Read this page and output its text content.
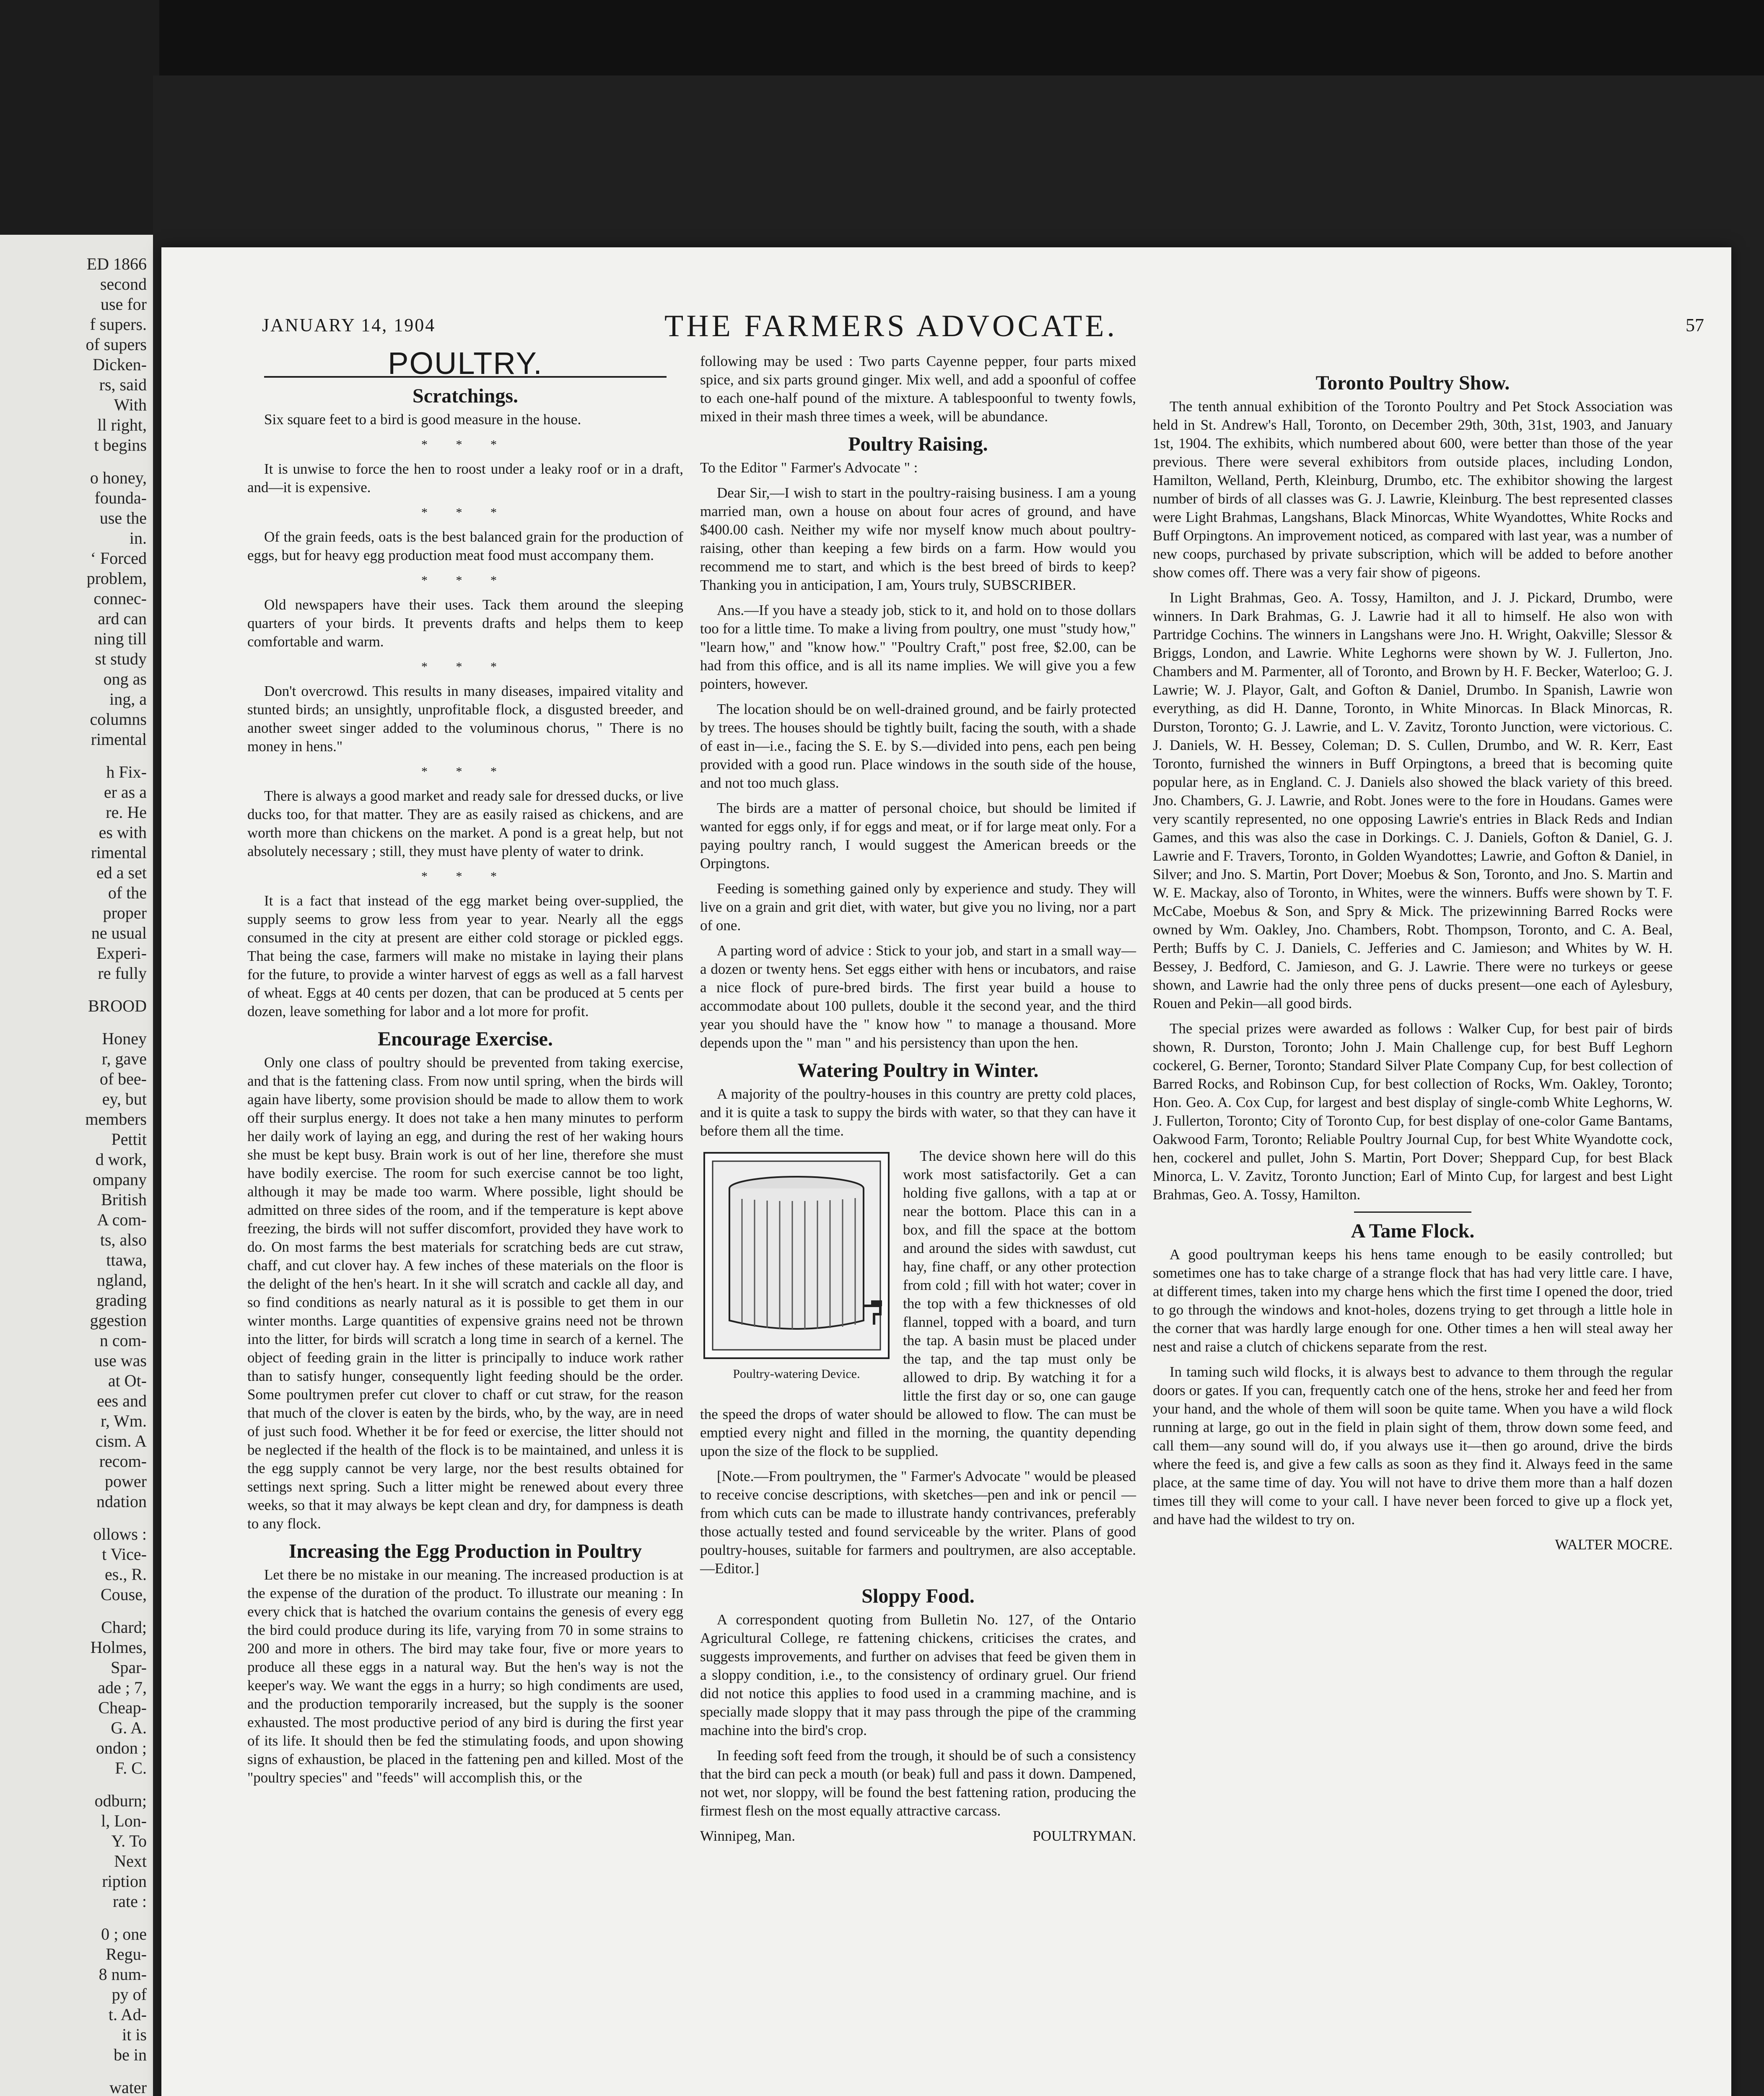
ED 1866
second
use for
f supers.
of supers
Dicken-
rs, said
With
ll right,
t begins
o honey,
foundа-
use the
in.
‘ Forced
problem,
connec-
ard can
ning till
st study
ong as
ing, a
columns
rimental
h Fix-
er as a
re. He
es with
rimental
ed a set
of the
proper
ne usual
Experi-
re fully
BROOD
Honey
r, gave
of bee-
ey, but
members
Pettit
d work,
ompany
British
A com-
ts, also
ttawa,
ngland,
grading
ggestion
n com-
use was
at Ot-
ees and
r, Wm.
cism. A
recom-
power
ndation
ollows :
t Vice-
es., R.
Couse,
Chard;
Holmes,
Spar-
ade ; 7,
Cheap-
G. A.
ondon ;
F. C.
odburn;
l, Lon-
Y. To
Next
ription
rate :
0 ; one
Regu-
8 num-
py of
t. Ad-
it is
be in
water
JANUARY 14, 1904	THE FARMERS ADVOCATE.	57
POULTRY.
Scratchings.

Six square feet to a bird is good measure in the house.

* * *

It is unwise to force the hen to roost under a leaky roof or in a draft, and—it is expensive.

* * *

Of the grain feeds, oats is the best balanced grain for the production of eggs, but for heavy egg production meat food must accompany them.

* * *

Old newspapers have their uses. Tack them around the sleeping quarters of your birds. It prevents drafts and helps them to keep comfortable and warm.

* * *

Don't overcrowd. This results in many diseases, impaired vitality and stunted birds; an unsightly, unprofitable flock, a disgusted breeder, and another sweet singer added to the voluminous chorus, " There is no money in hens."

* * *

There is always a good market and ready sale for dressed ducks, or live ducks too, for that matter. They are as easily raised as chickens, and are worth more than chickens on the market. A pond is a great help, but not absolutely necessary ; still, they must have plenty of water to drink.

* * *

It is a fact that instead of the egg market being over-supplied, the supply seems to grow less from year to year. Nearly all the eggs consumed in the city at present are either cold storage or pickled eggs. That being the case, farmers will make no mistake in laying their plans for the future, to provide a winter harvest of eggs as well as a fall harvest of wheat. Eggs at 40 cents per dozen, that can be produced at 5 cents per dozen, leave something for labor and a lot more for profit.

Encourage Exercise.

Only one class of poultry should be prevented from taking exercise, and that is the fattening class. From now until spring, when the birds will again have liberty, some provision should be made to allow them to work off their surplus energy. It does not take a hen many minutes to perform her daily work of laying an egg, and during the rest of her waking hours she must be kept busy. Brain work is out of her line, therefore she must have bodily exercise. The room for such exercise cannot be too light, although it may be made too warm. Where possible, light should be admitted on three sides of the room, and if the temperature is kept above freezing, the birds will not suffer discomfort, provided they have work to do. On most farms the best materials for scratching beds are cut straw, chaff, and cut clover hay. A few inches of these materials on the floor is the delight of the hen's heart. In it she will scratch and cackle all day, and so find conditions as nearly natural as it is possible to get them in our winter months. Large quantities of expensive grains need not be thrown into the litter, for birds will scratch a long time in search of a kernel. The object of feeding grain in the litter is principally to induce work rather than to satisfy hunger, consequently light feeding should be the order. Some poultrymen prefer cut clover to chaff or cut straw, for the reason that much of the clover is eaten by the birds, who, by the way, are in need of just such food. Whether it be for feed or exercise, the litter should not be neglected if the health of the flock is to be maintained, and unless it is the egg supply cannot be very large, nor the best results obtained for settings next spring. Such a litter might be renewed about every three weeks, so that it may always be kept clean and dry, for dampness is death to any flock.

Increasing the Egg Production in Poultry

Let there be no mistake in our meaning. The increased production is at the expense of the duration of the product. To illustrate our meaning : In every chick that is hatched the ovarium contains the genesis of every egg the bird could produce during its life, varying from 70 in some strains to 200 and more in others. The bird may take four, five or more years to produce all these eggs in a natural way. But the hen's way is not the keeper's way. We want the eggs in a hurry; so high condiments are used, and the production temporarily increased, but the supply is the sooner exhausted. The most productive period of any bird is during the first year of its life. It should then be fed the stimulating foods, and upon showing signs of exhaustion, be placed in the fattening pen and killed. Most of the "poultry species" and "feeds" will accomplish this, or the

following may be used : Two parts Cayenne pepper, four parts mixed spice, and six parts ground ginger. Mix well, and add a spoonful of coffee to each one-half pound of the mixture. A tablespoonful to twenty fowls, mixed in their mash three times a week, will be abundance.

Poultry Raising.

To the Editor " Farmer's Advocate " :

Dear Sir,—I wish to start in the poultry-raising business. I am a young married man, own a house on about four acres of ground, and have $400.00 cash. Neither my wife nor myself know much about poultry-raising, other than keeping a few birds on a farm. How would you recommend me to start, and which is the best breed of birds to keep? Thanking you in anticipation, I am, Yours truly, SUBSCRIBER.

Ans.—If you have a steady job, stick to it, and hold on to those dollars too for a little time. To make a living from poultry, one must "study how," "learn how," and "know how." "Poultry Craft," post free, $2.00, can be had from this office, and is all its name implies. We will give you a few pointers, however.

The location should be on well-drained ground, and be fairly protected by trees. The houses should be tightly built, facing the south, with a shade of east in—i.e., facing the S. E. by S.—divided into pens, each pen being provided with a good run. Place windows in the south side of the house, and not too much glass.

The birds are a matter of personal choice, but should be limited if wanted for eggs only, if for eggs and meat, or if for large meat only. For a paying poultry ranch, I would suggest the American breeds or the Orpingtons.

Feeding is something gained only by experience and study. They will live on a grain and grit diet, with water, but give you no living, nor a part of one.

A parting word of advice : Stick to your job, and start in a small way—a dozen or twenty hens. Set eggs either with hens or incubators, and raise a nice flock of pure-bred birds. The first year build a house to accommodate about 100 pullets, double it the second year, and the third year you should have the " know how " to manage a thousand. More depends upon the " man " and his persistency than upon the hen.

Watering Poultry in Winter.

A majority of the poultry-houses in this country are pretty cold places, and it is quite a task to suppy the birds with water, so that they can have it before them all the time.

Poultry-watering Device.

The device shown here will do this work most satisfactorily. Get a can holding five gallons, with a tap at or near the bottom. Place this can in a box, and fill the space at the bottom and around the sides with sawdust, cut hay, fine chaff, or any other protection from cold ; fill with hot water; cover in the top with a few thicknesses of old flannel, topped with a board, and turn the tap. A basin must be placed under the tap, and the tap must only be allowed to drip. By watching it for a little the first day or so, one can gauge the speed the drops of water should be allowed to flow. The can must be emptied every night and filled in the morning, the quantity depending upon the size of the flock to be supplied.

[Note.—From poultrymen, the " Farmer's Advocate " would be pleased to receive concise descriptions, with sketches—pen and ink or pencil —from which cuts can be made to illustrate handy contrivances, preferably those actually tested and found serviceable by the writer. Plans of good poultry-houses, suitable for farmers and poultrymen, are also acceptable.—Editor.]

Sloppy Food.

A correspondent quoting from Bulletin No. 127, of the Ontario Agricultural College, re fattening chickens, criticises the crates, and suggests improvements, and further on advises that feed be given them in a sloppy condition, i.e., to the consistency of ordinary gruel. Our friend did not notice this applies to food used in a cramming machine, and is specially made sloppy that it may pass through the pipe of the cramming machine into the bird's crop.

In feeding soft feed from the trough, it should be of such a consistency that the bird can peck a mouth (or beak) full and pass it down. Dampened, not wet, nor sloppy, will be found the best fattening ration, producing the firmest flesh on the most equally attractive carcass.

Winnipeg, Man.	POULTRYMAN.

Toronto Poultry Show.

The tenth annual exhibition of the Toronto Poultry and Pet Stock Association was held in St. Andrew's Hall, Toronto, on December 29th, 30th, 31st, 1903, and January 1st, 1904. The exhibits, which numbered about 600, were better than those of the year previous. There were several exhibitors from outside places, including London, Hamilton, Welland, Perth, Kleinburg, Drumbo, etc. The exhibitor showing the largest number of birds of all classes was G. J. Lawrie, Kleinburg. The best represented classes were Light Brahmas, Langshans, Black Minorcas, White Wyandottes, White Rocks and Buff Orpingtons. An improvement noticed, as compared with last year, was a number of new coops, purchased by private subscription, which will be added to before another show comes off. There was a very fair show of pigeons.

In Light Brahmas, Geo. A. Tossy, Hamilton, and J. J. Pickard, Drumbo, were winners. In Dark Brahmas, G. J. Lawrie had it all to himself. He also won with Partridge Cochins. The winners in Langshans were Jno. H. Wright, Oakville; Slessor & Briggs, London, and Lawrie. White Leghorns were shown by W. J. Fullerton, Jno. Chambers and M. Parmenter, all of Toronto, and Brown by H. F. Becker, Waterloo; G. J. Lawrie; W. J. Playor, Galt, and Gofton & Daniel, Drumbo. In Spanish, Lawrie won everything, as did H. Danne, Toronto, in White Minorcas. In Black Minorcas, R. Durston, Toronto; G. J. Lawrie, and L. V. Zavitz, Toronto Junction, were victorious. C. J. Daniels, W. H. Bessey, Coleman; D. S. Cullen, Drumbo, and W. R. Kerr, East Toronto, furnished the winners in Buff Orpingtons, a breed that is becoming quite popular here, as in England. C. J. Daniels also showed the black variety of this breed. Jno. Chambers, G. J. Lawrie, and Robt. Jones were to the fore in Houdans. Games were very scantily represented, no one opposing Lawrie's entries in Black Reds and Indian Games, and this was also the case in Dorkings. C. J. Daniels, Gofton & Daniel, G. J. Lawrie and F. Travers, Toronto, in Golden Wyandottes; Lawrie, and Gofton & Daniel, in Silver; and Jno. S. Martin, Port Dover; Moebus & Son, Toronto, and Jno. S. Martin and W. E. Mackay, also of Toronto, in Whites, were the winners. Buffs were shown by T. F. McCabe, Moebus & Son, and Spry & Mick. The prizewinning Barred Rocks were owned by Wm. Oakley, Jno. Chambers, Robt. Thompson, Toronto, and C. A. Beal, Perth; Buffs by C. J. Daniels, C. Jefferies and C. Jamieson; and Whites by W. H. Bessey, J. Bedford, C. Jamieson, and G. J. Lawrie. There were no turkeys or geese shown, and Lawrie had the only three pens of ducks present—one each of Aylesbury, Rouen and Pekin—all good birds.

The special prizes were awarded as follows : Walker Cup, for best pair of birds shown, R. Durston, Toronto; John J. Main Challenge cup, for best Buff Leghorn cockerel, G. Berner, Toronto; Standard Silver Plate Company Cup, for best collection of Barred Rocks, and Robinson Cup, for best collection of Rocks, Wm. Oakley, Toronto; Hon. Geo. A. Cox Cup, for largest and best display of single-comb White Leghorns, W. J. Fullerton, Toronto; City of Toronto Cup, for best display of one-color Game Bantams, Oakwood Farm, Toronto; Reliable Poultry Journal Cup, for best White Wyandotte cock, hen, cockerel and pullet, John S. Martin, Port Dover; Sheppard Cup, for best Black Minorca, L. V. Zavitz, Toronto Junction; Earl of Minto Cup, for largest and best Light Brahmas, Geo. A. Tossy, Hamilton.

A Tame Flock.

A good poultryman keeps his hens tame enough to be easily controlled; but sometimes one has to take charge of a strange flock that has had very little care. I have, at different times, taken into my charge hens which the first time I opened the door, tried to go through the windows and knot-holes, dozens trying to get through a little hole in the corner that was hardly large enough for one. Other times a hen will steal away her nest and raise a clutch of chickens separate from the rest.

In taming such wild flocks, it is always best to advance to them through the regular doors or gates. If you can, frequently catch one of the hens, stroke her and feed her from your hand, and the whole of them will soon be quite tame. When you have a wild flock running at large, go out in the field in plain sight of them, throw down some feed, and call them—any sound will do, if you always use it—then go around, drive the birds where the feed is, and give a few calls as soon as they find it. Always feed in the same place, at the same time of day. You will not have to drive them more than a half dozen times till they will come to your call. I have never been forced to give up a flock yet, and have had the wildest to try on.

WALTER MOCRE.
